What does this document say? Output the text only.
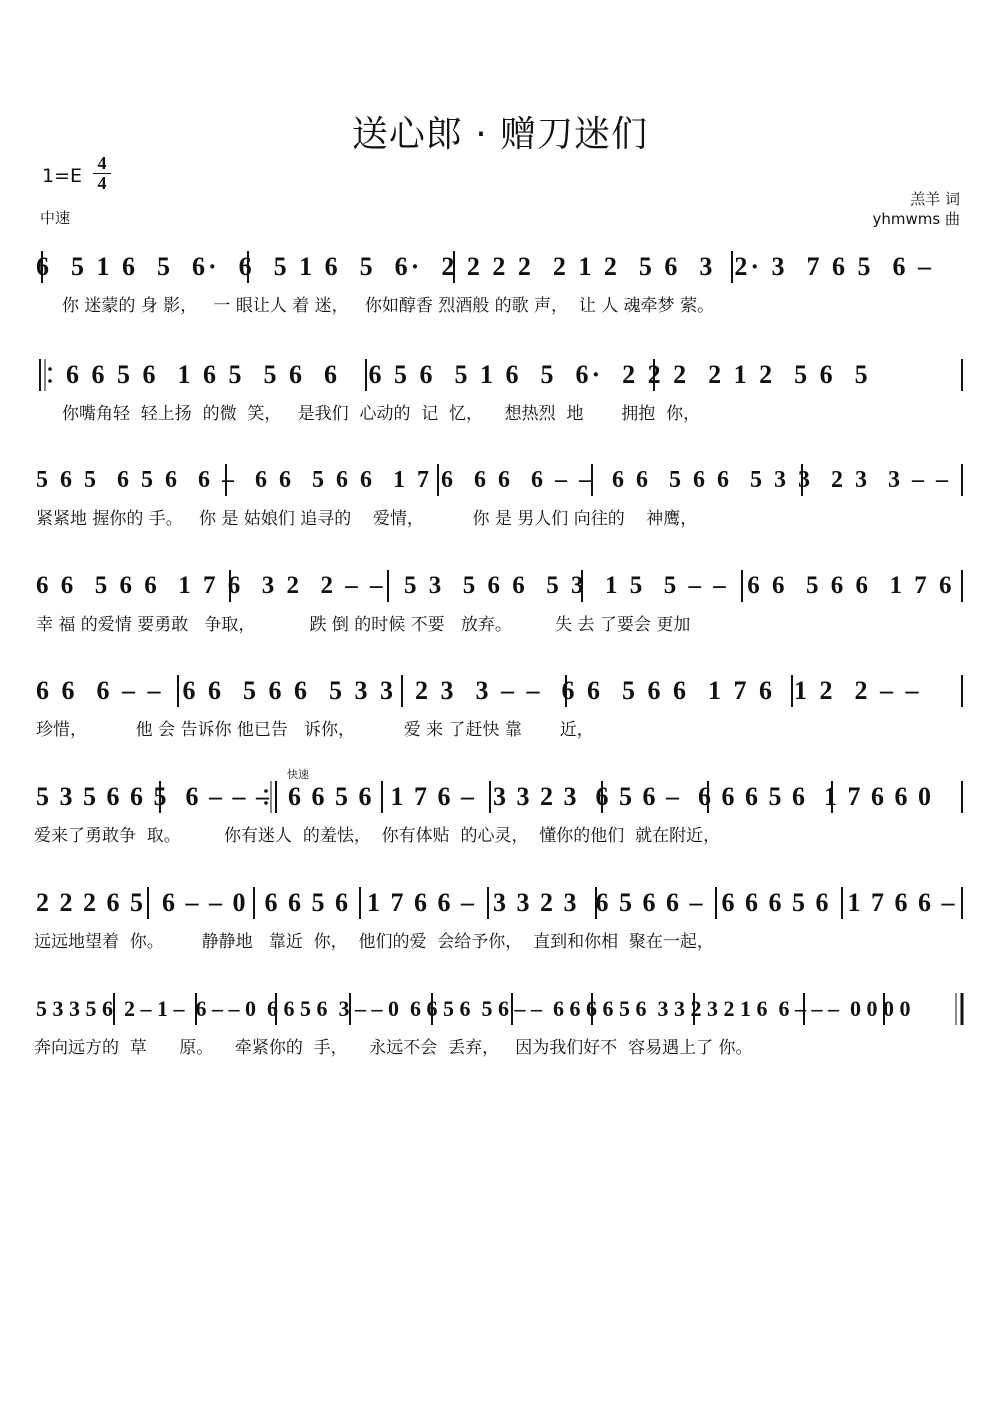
送心郎 · 赠刀迷们
1=E
4
4
中速
羔羊 词
yhmwms 曲
6  5 1 6  5  6·  6  5 1 6  5  6·  2 2 2 2  2 1 2  5 6  3  2· 3  7 6 5  6 –
你 迷蒙的 身 影，   一 眼让人 着 迷，   你如醇香 烈酒般 的歌 声，  让 人 魂牵梦 萦。
6 6 5 6  1 6 5  5 6  6   6 5 6  5 1 6  5  6·  2 2 2  2 1 2  5 6  5
你嘴角轻  轻上扬  的微  笑，   是我们  心动的  记  忆，    想热烈  地       拥抱  你，
5 6 5  6 5 6  6 –  6 6  5 6 6  1 7 6  6 6  6 – –  6 6  5 6 6  5 3 3  2 3  3 – –
紧紧地 握你的 手。   你 是 姑娘们 追寻的    爱情，         你 是 男人们 向往的    神鹰，
6 6  5 6 6  1 7 6  3 2  2 – –  5 3  5 6 6  5 3  1 5  5 – –  6 6  5 6 6  1 7 6
幸 福 的爱情 要勇敢   争取，          跌 倒 的时候 不要   放弃。        失 去 了要会 更加
6 6  6 – –  6 6  5 6 6  5 3 3  2 3  3 – –  6 6  5 6 6  1 7 6  1 2  2 – –
珍惜，         他 会 告诉你 他已告   诉你，         爱 来 了赶快 靠       近，
快速
5 3 5 6 6 5  6 – – –  6 6 5 6  1 7 6 –  3 3 2 3  6 5 6 –  6 6 6 5 6  1 7 6 6 0
爱来了勇敢争  取。        你有迷人  的羞怯，  你有体贴  的心灵，  懂你的他们  就在附近，
2 2 2 6 5  6 – – 0  6 6 5 6  1 7 6 6 –  3 3 2 3  6 5 6 6 –  6 6 6 5 6  1 7 6 6 –
远远地望着  你。       静静地   靠近  你，  他们的爱  会给予你，  直到和你相  聚在一起，
5 3 3 5 6  2 – 1 –  6 – – 0  6 6 5 6  3 – – 0  6 6 5 6  5 6 – –  6 6 6 6 5 6  3 3 2 3 2 1 6  6 – – –  0 0 0 0
奔向远方的  草      原。    牵紧你的  手，    永远不会  丢弃，   因为我们好不  容易遇上了 你。
